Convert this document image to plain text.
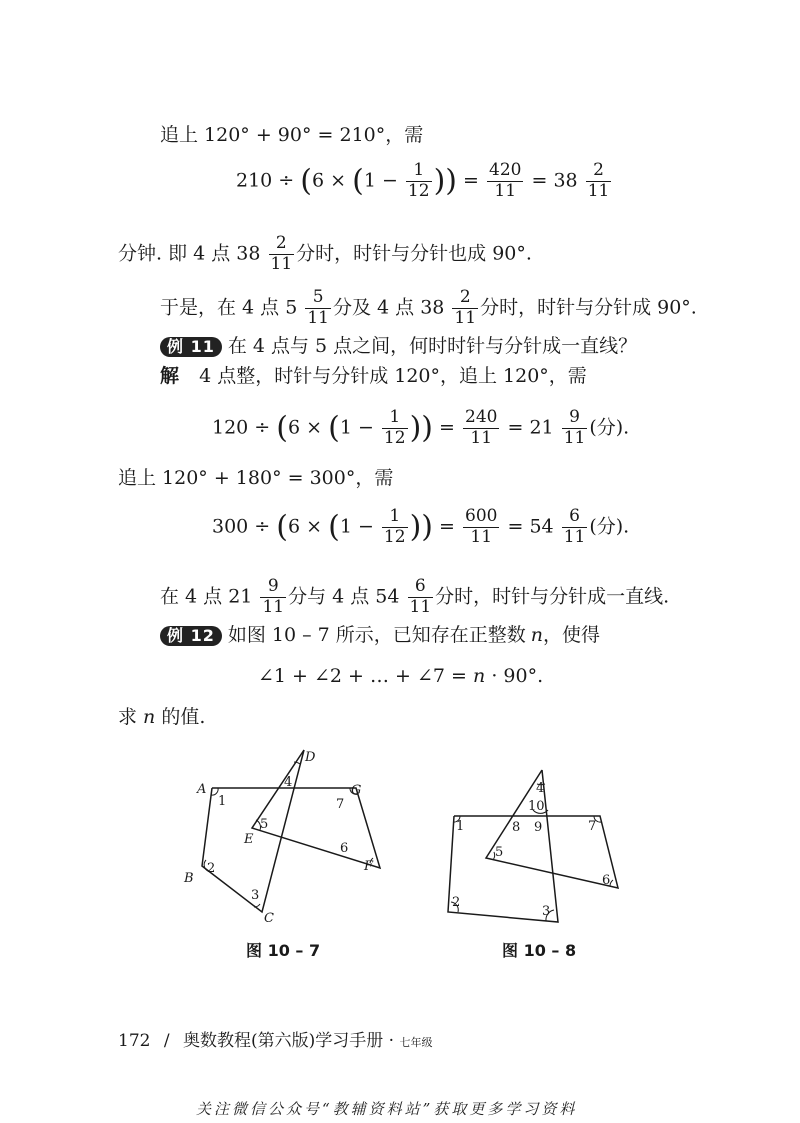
追上 120° + 90° = 210°，需
$210 \div (6 \times (1 - \frac{1}{12}$ )) = $\frac{420}{11} = 38 \frac{2}{11}$
分钟. 即 4 点 $38 \frac{2}{11}$ 分时，时针与分针也成 90°.
于是，在 4 点 $5 \frac{5}{11}$ 分及 4 点 $38 \frac{2}{11}$ 分时，时针与分针成 90°.
例 11 在 4 点与 5 点之间，何时时针与分针成一直线？
解 4 点整，时针与分针成 120°，追上 120°，需
$120 \div (6 \times (1 - \frac{1}{12}$ )) = $\frac{240}{11} = 21 \frac{9}{11}$ (分).
追上 120° + 180° = 300°，需
$300 \div (6 \times (1 - \frac{1}{12}$ )) = $\frac{600}{11} = 54 \frac{6}{11}$ (分).
在 4 点 $21 \frac{9}{11}$ 分与 4 点 $54 \frac{6}{11}$ 分时，时针与分针成一直线.
例 12 如图 10 – 7 所示，已知存在正整数 n，使得
∠1 + ∠2 + … + ∠7 = n · 90°.
求 n 的值.
A
B
C
D
E
F
G
1
2
3
4
5
6
7
图 10 – 7
1
2
3
4
5
6
7
8 9
10
图 10 – 8
172 / 奥数教程(第六版)学习手册 · 七年级
关注微信公众号“教辅资料站”获取更多学习资料
